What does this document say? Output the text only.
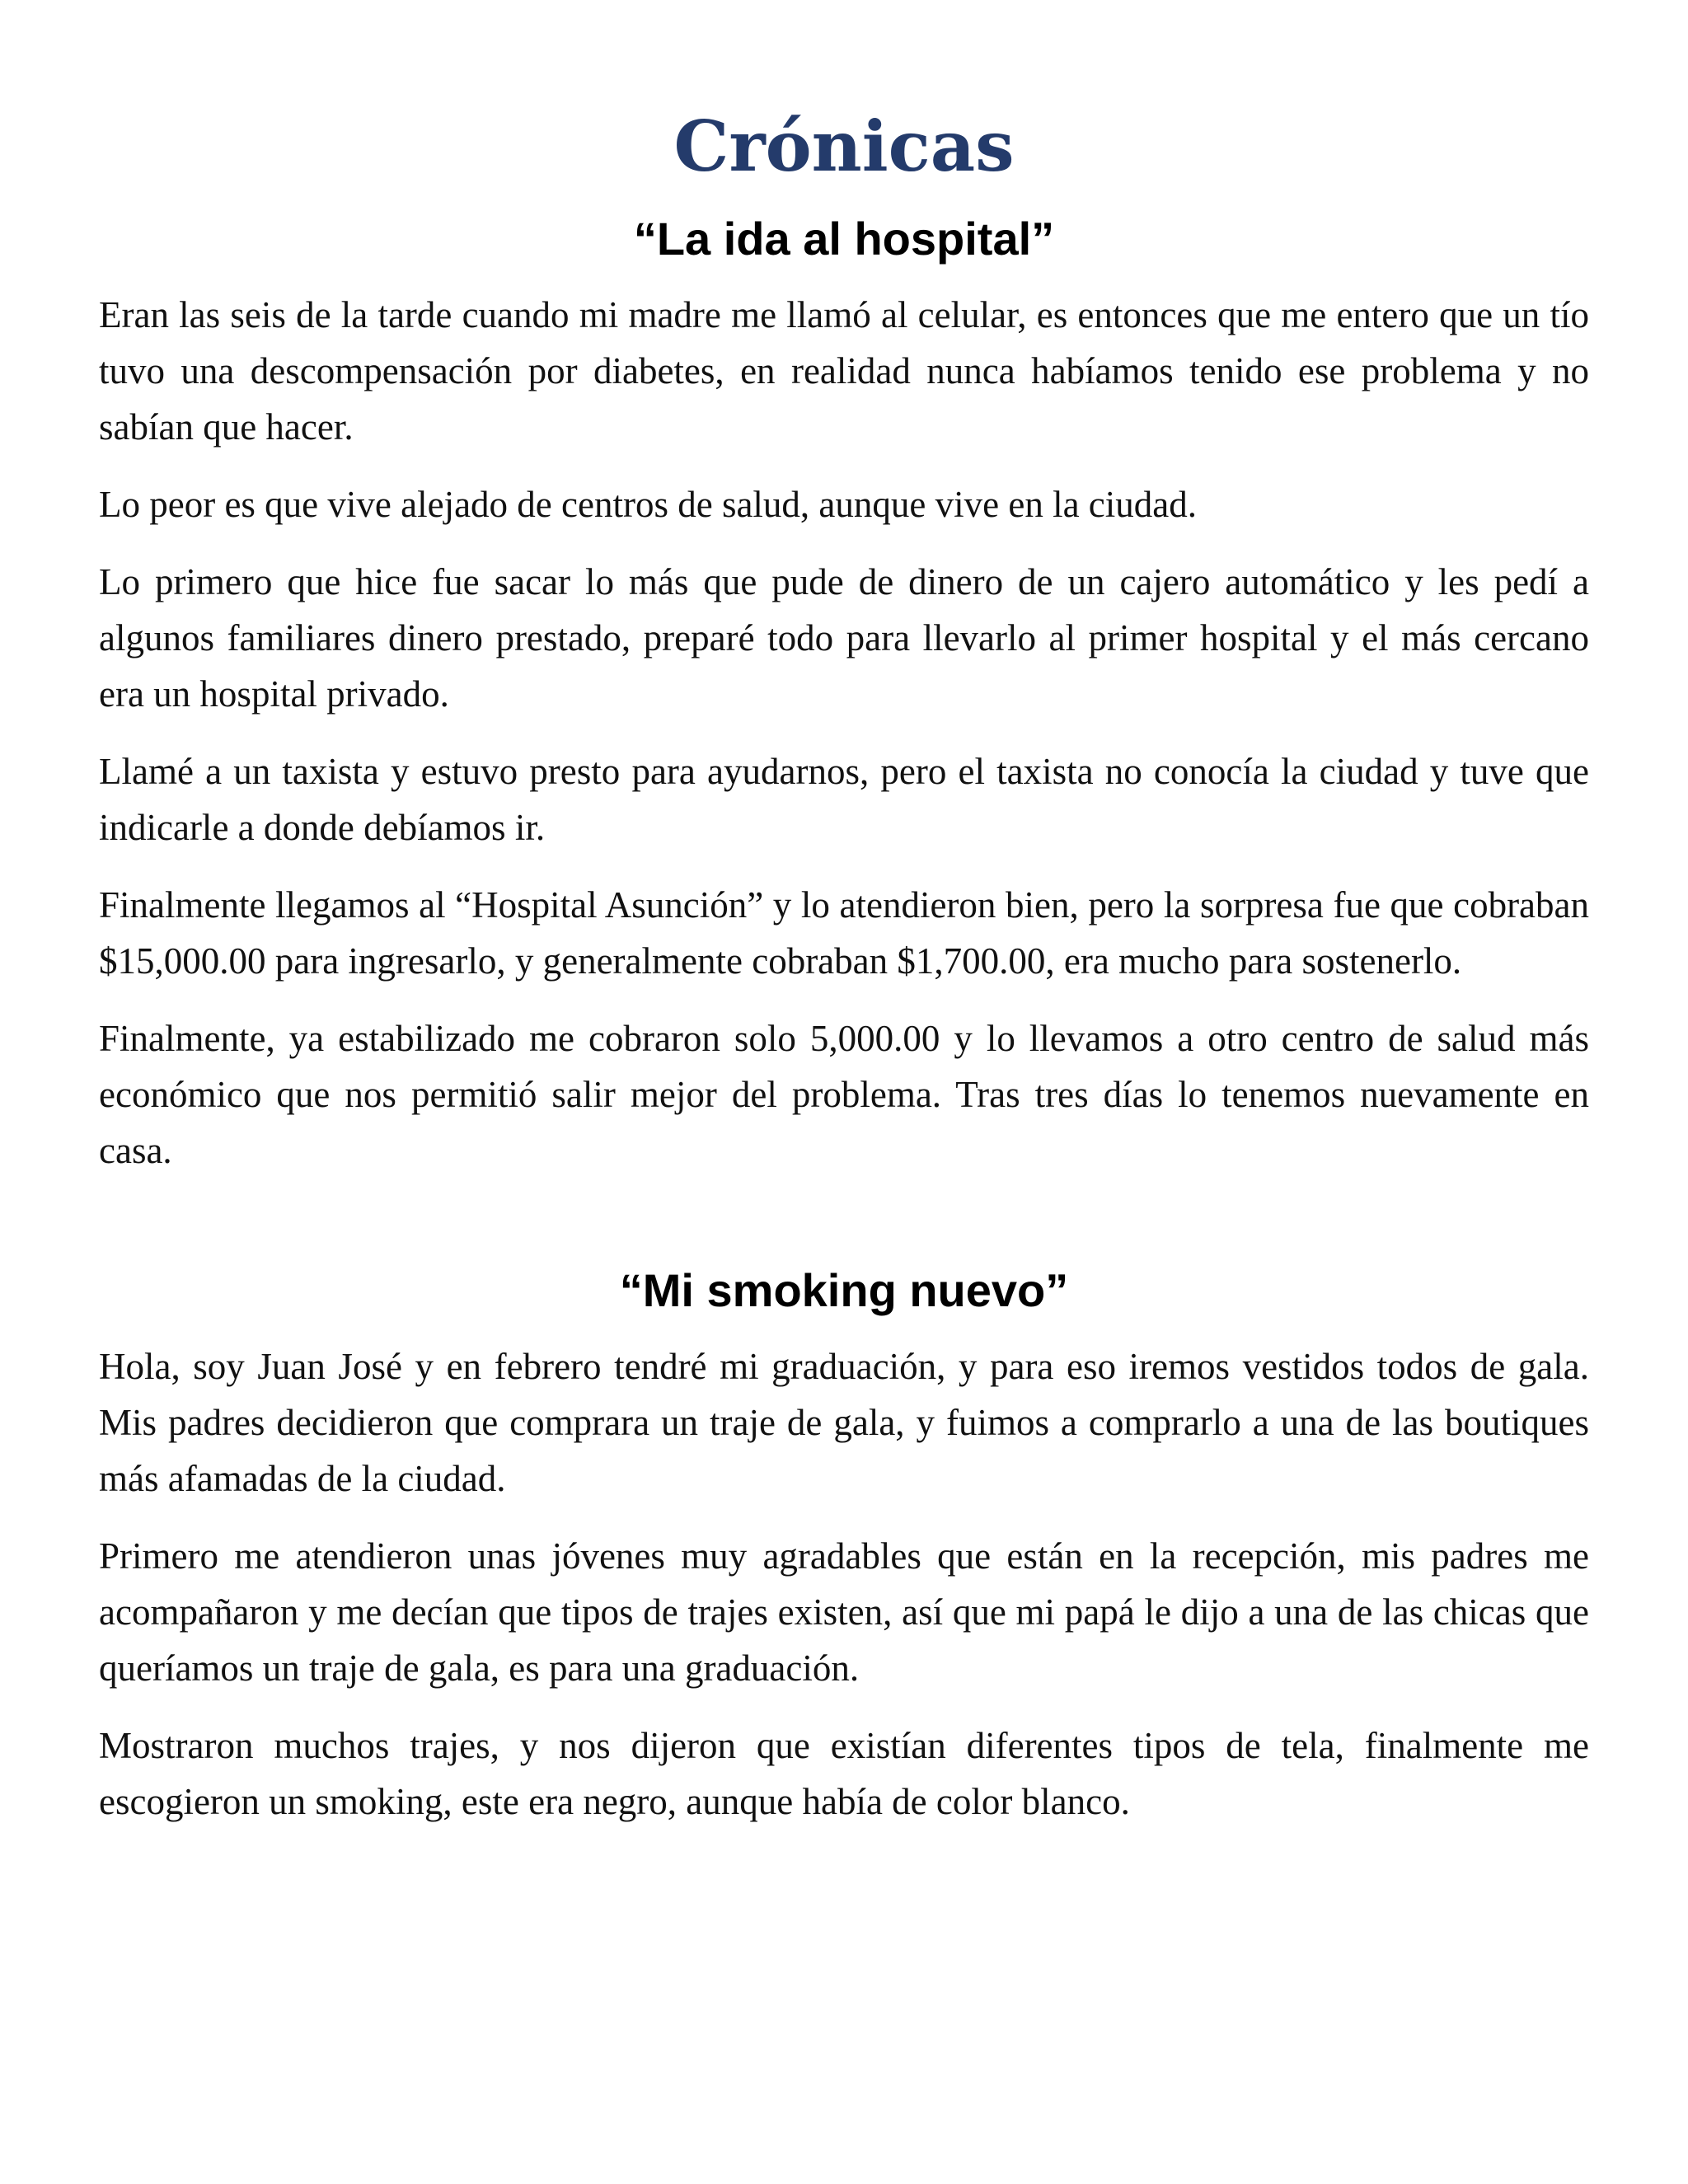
Crónicas
“La ida al hospital”

Eran las seis de la tarde cuando mi madre me llamó al celular, es entonces que me entero que un tío tuvo una descompensación por diabetes, en realidad nunca habíamos tenido ese problema y no sabían que hacer.

Lo peor es que vive alejado de centros de salud, aunque vive en la ciudad.

Lo primero que hice fue sacar lo más que pude de dinero de un cajero automático y les pedí a algunos familiares dinero prestado, preparé todo para llevarlo al primer hospital y el más cercano era un hospital privado.

Llamé a un taxista y estuvo presto para ayudarnos, pero el taxista no conocía la ciudad y tuve que indicarle a donde debíamos ir.

Finalmente llegamos al “Hospital Asunción” y lo atendieron bien, pero la sorpresa fue que cobraban $15,000.00 para ingresarlo, y generalmente cobraban $1,700.00, era mucho para sostenerlo.

Finalmente, ya estabilizado me cobraron solo 5,000.00 y lo llevamos a otro centro de salud más económico que nos permitió salir mejor del problema. Tras tres días lo tenemos nuevamente en casa.

“Mi smoking nuevo”

Hola, soy Juan José y en febrero tendré mi graduación, y para eso iremos vestidos todos de gala. Mis padres decidieron que comprara un traje de gala, y fuimos a comprarlo a una de las boutiques más afamadas de la ciudad.

Primero me atendieron unas jóvenes muy agradables que están en la recepción, mis padres me acompañaron y me decían que tipos de trajes existen, así que mi papá le dijo a una de las chicas que queríamos un traje de gala, es para una graduación.

Mostraron muchos trajes, y nos dijeron que existían diferentes tipos de tela, finalmente me escogieron un smoking, este era negro, aunque había de color blanco.
